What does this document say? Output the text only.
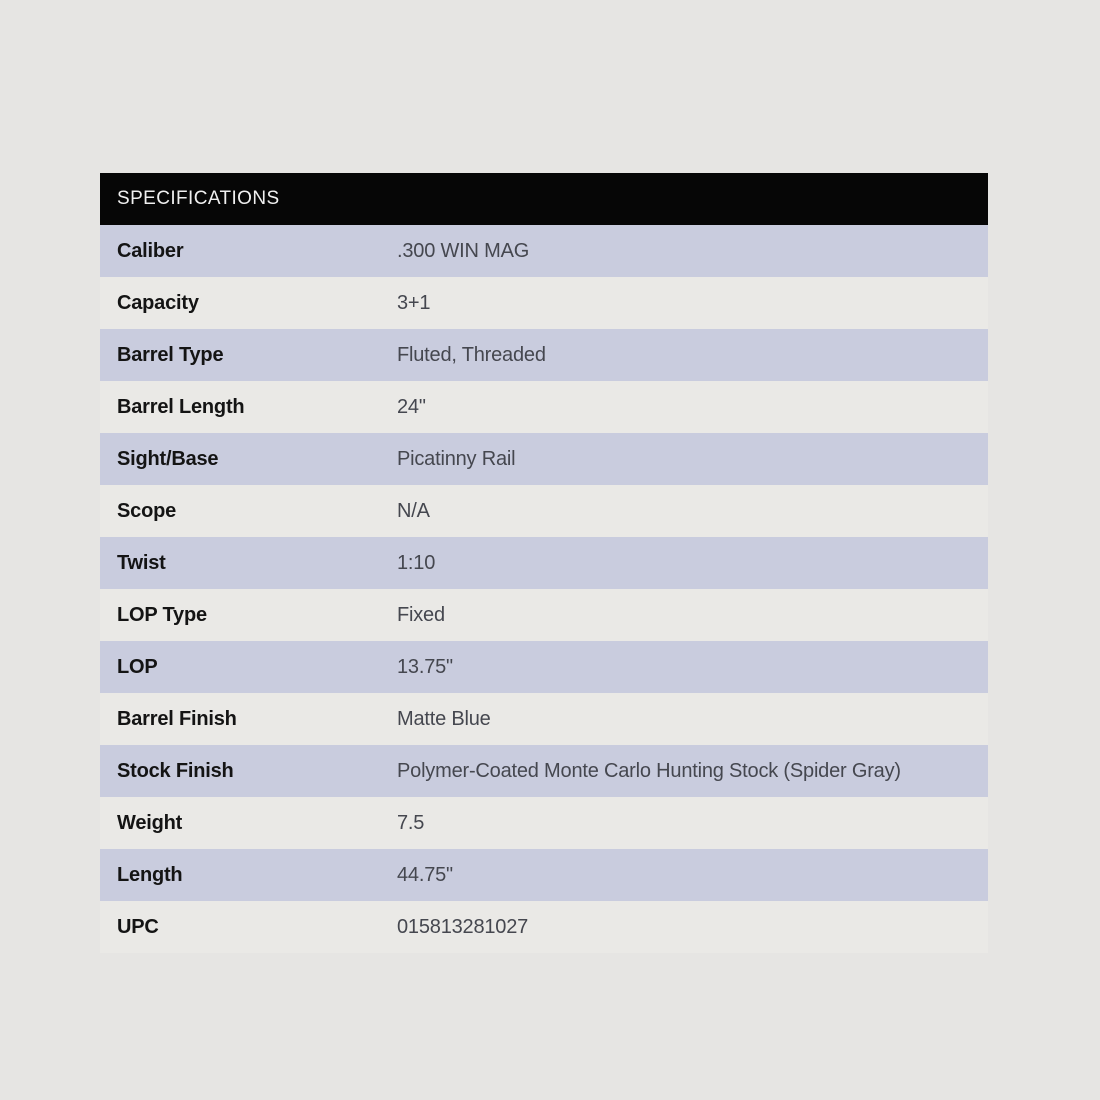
SPECIFICATIONS
Caliber	.300 WIN MAG
Capacity	3+1
Barrel Type	Fluted, Threaded
Barrel Length	24"
Sight/Base	Picatinny Rail
Scope	N/A
Twist	1:10
LOP Type	Fixed
LOP	13.75"
Barrel Finish	Matte Blue
Stock Finish	Polymer-Coated Monte Carlo Hunting Stock (Spider Gray)
Weight	7.5
Length	44.75"
UPC	015813281027
